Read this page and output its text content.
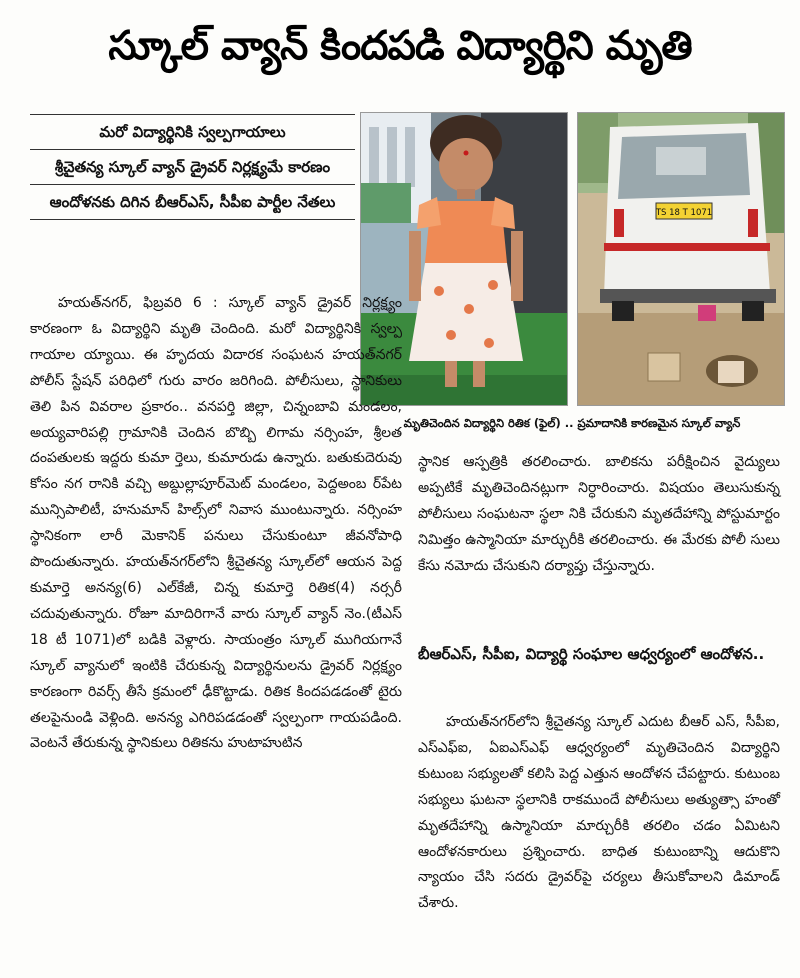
స్కూల్ వ్యాన్ కిందపడి విద్యార్థిని మృతి
మరో విద్యార్థినికి స్వల్పగాయాలు
శ్రీచైతన్య స్కూల్ వ్యాన్ డ్రైవర్ నిర్లక్ష్యమే కారణం
ఆందోళనకు దిగిన బీఆర్ఎస్, సీపీఐ పార్టీల నేతలు
TS 18 T 1071
మృతిచెందిన విద్యార్థిని రితిక (ఫైల్) .. ప్రమాదానికి కారణమైన స్కూల్ వ్యాన్

హయత్‌నగర్, ఫిబ్రవరి 6 : స్కూల్ వ్యాన్ డ్రైవర్ నిర్లక్ష్యం కారణంగా ఓ విద్యార్థిని మృతి చెందింది. మరో విద్యార్థినికి స్వల్ప గాయాల య్యాయి. ఈ హృదయ విదారక సంఘటన హయత్‌నగర్ పోలీస్ స్టేషన్ పరిధిలో గురు వారం జరిగింది. పోలీసులు, స్థానికులు తెలి పిన వివరాల ప్రకారం.. వనపర్తి జిల్లా, చిన్నంబావి మండలం, అయ్యవారిపల్లి గ్రామానికి చెందిన బొబ్బి లిగామ నర్సింహ, శ్రీలత దంపతులకు ఇద్దరు కుమా ర్తెలు, కుమారుడు ఉన్నారు. బతుకుదెరువు కోసం నగ రానికి వచ్చి అబ్దుల్లాపూర్‌మెట్ మండలం, పెద్దఅంబ ర్‌పేట మున్సిపాలిటీ, హనుమాన్ హిల్స్‌లో నివాస ముంటున్నారు. నర్సింహ స్థానికంగా లారీ మెకానిక్ పనులు చేసుకుంటూ జీవనోపాధి పొందుతున్నారు. హయత్‌నగర్‌లోని శ్రీచైతన్య స్కూల్‌లో ఆయన పెద్ద కుమార్తె అనన్య(6) ఎల్‌కేజీ, చిన్న కుమార్తె రితిక(4) నర్సరీ చదువుతున్నారు. రోజూ మాదిరిగానే వారు స్కూల్ వ్యాన్ నెం.(టీఎస్ 18 టీ 1071)లో బడికి వెళ్లారు. సాయంత్రం స్కూల్ ముగియగానే స్కూల్ వ్యానులో ఇంటికి చేరుకున్న విద్యార్థినులను డ్రైవర్ నిర్లక్ష్యం కారణంగా రివర్స్ తీసే క్రమంలో ఢీకొట్టాడు. రితిక కిందపడడంతో టైరు తలపైనుండి వెళ్లింది. అనన్య ఎగిరిపడడంతో స్వల్పంగా గాయపడింది. వెంటనే తేరుకున్న స్థానికులు రితికను హుటాహుటిన

స్థానిక ఆస్పత్రికి తరలించారు. బాలికను పరీక్షించిన వైద్యులు అప్పటికే మృతిచెందినట్లుగా నిర్ధారించారు. విషయం తెలుసుకున్న పోలీసులు సంఘటనా స్థలా నికి చేరుకుని మృతదేహాన్ని పోస్టుమార్టం నిమిత్తం ఉస్మానియా మార్చురీకి తరలించారు. ఈ మేరకు పోలీ సులు కేసు నమోదు చేసుకుని దర్యాప్తు చేస్తున్నారు.

బీఆర్ఎస్, సీపీఐ, విద్యార్థి సంఘాల ఆధ్వర్యంలో ఆందోళన..

హయత్‌నగర్‌లోని శ్రీచైతన్య స్కూల్ ఎదుట బీఆర్ ఎస్, సీపీఐ, ఎస్ఎఫ్ఐ, ఏఐఎస్ఎఫ్ ఆధ్వర్యంలో మృతిచెందిన విద్యార్థిని కుటుంబ సభ్యులతో కలిసి పెద్ద ఎత్తున ఆందోళన చేపట్టారు. కుటుంబ సభ్యులు ఘటనా స్థలానికి రాకముందే పోలీసులు అత్యుత్సా హంతో మృతదేహాన్ని ఉస్మానియా మార్చురీకి తరలిం చడం ఏమిటని ఆందోళనకారులు ప్రశ్నించారు. బాధిత కుటుంబాన్ని ఆదుకొని న్యాయం చేసి సదరు డ్రైవర్‌పై చర్యలు తీసుకోవాలని డిమాండ్ చేశారు.
